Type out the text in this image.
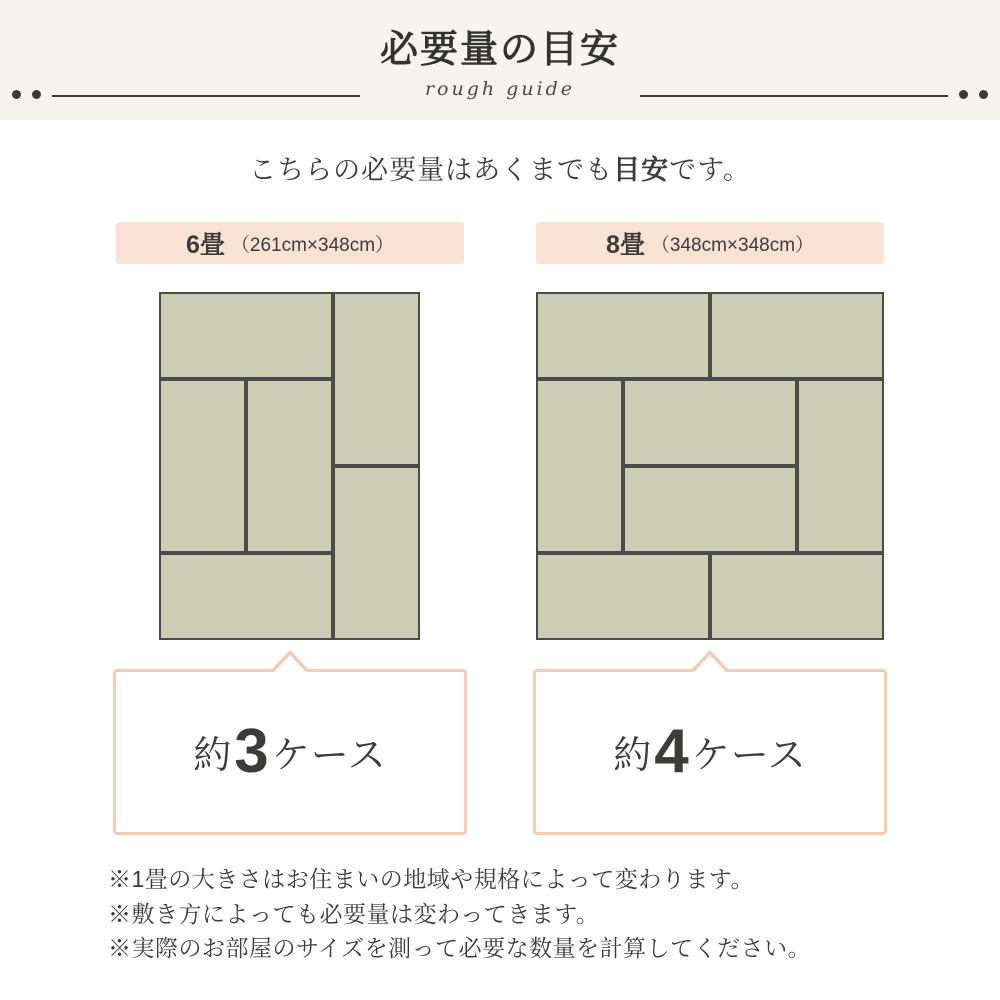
必要量の目安
rough guide
こちらの必要量はあくまでも目安です。
6畳 （261cm×348cm）
約3ケース
8畳 （348cm×348cm）
約4ケース
※1畳の大きさはお住まいの地域や規格によって変わります。
※敷き方によっても必要量は変わってきます。
※実際のお部屋のサイズを測って必要な数量を計算してください。
